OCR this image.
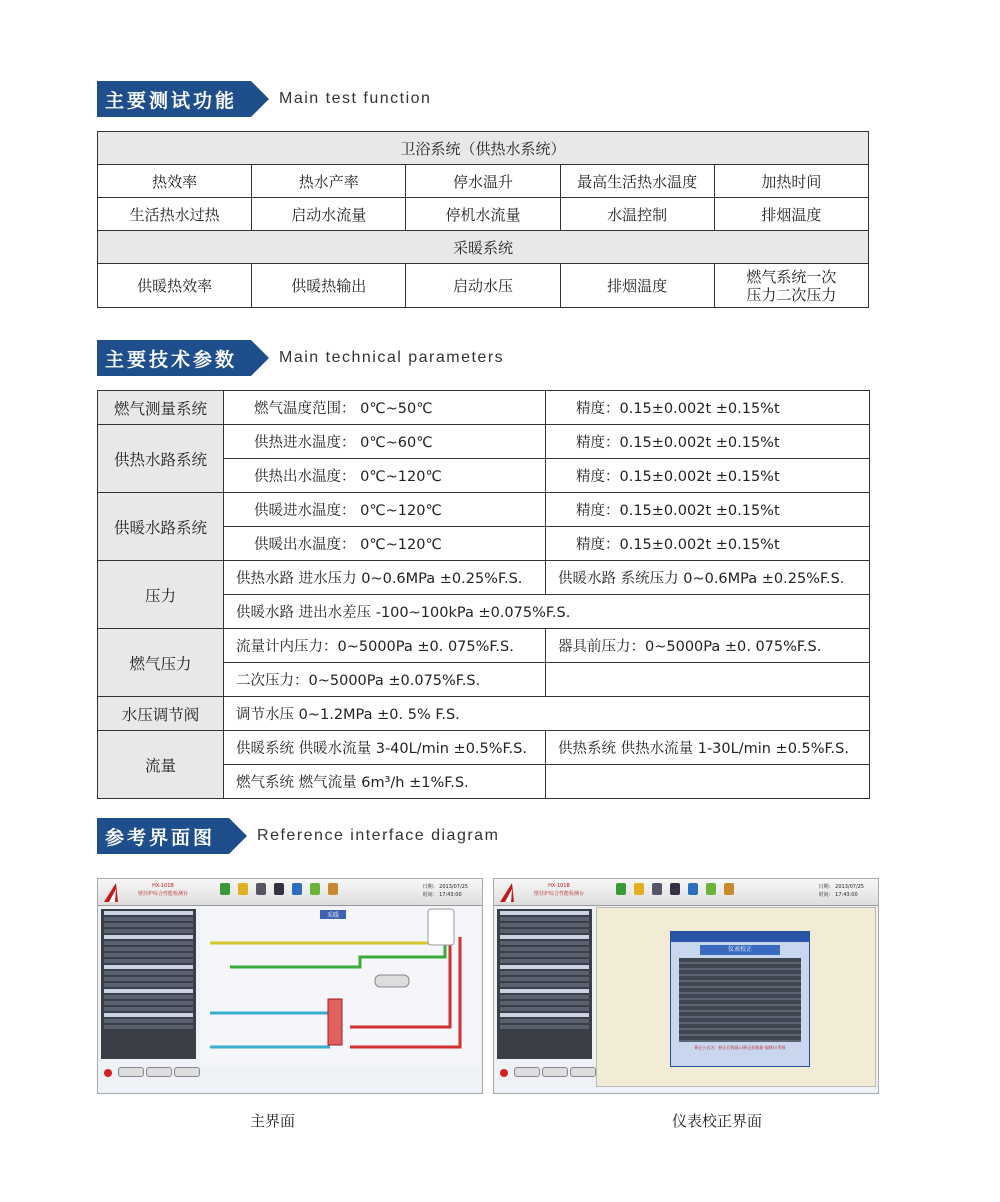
主要测试功能	Main test function
卫浴系统（供热水系统）				
热效率	热水产率	停水温升	最高生活热水温度	加热时间
生活热水过热	启动水流量	停机水流量	水温控制	排烟温度
采暖系统				
供暖热效率	供暖热输出	启动水压	排烟温度	燃气系统一次
压力二次压力
主要技术参数	Main technical parameters
燃气测量系统	燃气温度范围： 0℃~50℃	精度：0.15±0.002t ±0.15%t
供热水路系统	供热进水温度： 0℃~60℃	精度：0.15±0.002t ±0.15%t
	供热出水温度： 0℃~120℃	精度：0.15±0.002t ±0.15%t
供暖水路系统	供暖进水温度： 0℃~120℃	精度：0.15±0.002t ±0.15%t
	供暖出水温度： 0℃~120℃	精度：0.15±0.002t ±0.15%t
压力	供热水路 进水压力 0~0.6MPa ±0.25%F.S.	供暖水路 系统压力 0~0.6MPa ±0.25%F.S.
	供暖水路 进出水差压 -100~100kPa ±0.075%F.S.	
燃气压力	流量计内压力：0~5000Pa ±0. 075%F.S.	器具前压力：0~5000Pa ±0. 075%F.S.
	二次压力：0~5000Pa ±0.075%F.S.	
水压调节阀	调节水压 0~1.2MPa ±0. 5% F.S.	
流量	供暖系统 供暖水流量 3-40L/min ±0.5%F.S.	供热系统 供热水流量 1-30L/min ±0.5%F.S.
	燃气系统 燃气流量 6m³/h ±1%F.S.	
参考界面图	Reference interface diagram
HX-101B
壁挂炉综合性能检测台
日期： 2013/07/25
时间： 17:43:00
采暖
主界面
HX-101B
壁挂炉综合性能检测台
日期： 2013/07/25
时间： 17:43:00
仪表校正
修正公式为：修正后数据=(修正前数据-偏移)×系数
仪表校正界面
